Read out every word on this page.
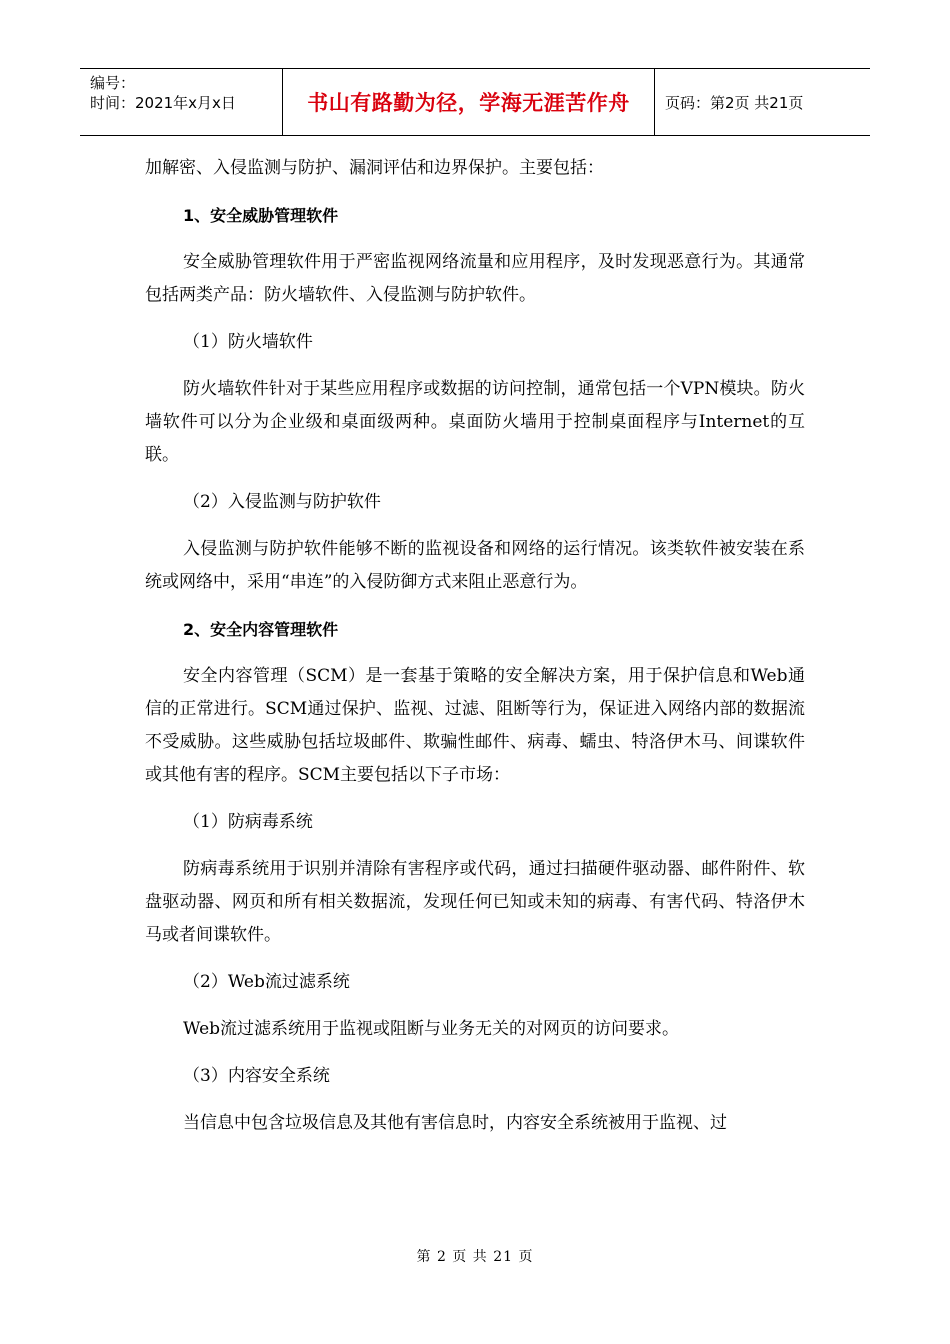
编号：
时间：2021年x月x日	书山有路勤为径，学海无涯苦作舟	页码：第2页 共21页

加解密、入侵监测与防护、漏洞评估和边界保护。主要包括：

1、安全威胁管理软件

安全威胁管理软件用于严密监视网络流量和应用程序，及时发现恶意行为。其通常包括两类产品：防火墙软件、入侵监测与防护软件。

（1）防火墙软件

防火墙软件针对于某些应用程序或数据的访问控制，通常包括一个VPN模块。防火墙软件可以分为企业级和桌面级两种。桌面防火墙用于控制桌面程序与Internet的互联。

（2）入侵监测与防护软件

入侵监测与防护软件能够不断的监视设备和网络的运行情况。该类软件被安装在系统或网络中，采用“串连”的入侵防御方式来阻止恶意行为。

2、安全内容管理软件

安全内容管理（SCM）是一套基于策略的安全解决方案，用于保护信息和Web通信的正常进行。SCM通过保护、监视、过滤、阻断等行为，保证进入网络内部的数据流不受威胁。这些威胁包括垃圾邮件、欺骗性邮件、病毒、蠕虫、特洛伊木马、间谍软件或其他有害的程序。SCM主要包括以下子市场：

（1）防病毒系统

防病毒系统用于识别并清除有害程序或代码，通过扫描硬件驱动器、邮件附件、软盘驱动器、网页和所有相关数据流，发现任何已知或未知的病毒、有害代码、特洛伊木马或者间谍软件。

（2）Web流过滤系统

Web流过滤系统用于监视或阻断与业务无关的对网页的访问要求。

（3）内容安全系统

当信息中包含垃圾信息及其他有害信息时，内容安全系统被用于监视、过

第 2 页 共 21 页
